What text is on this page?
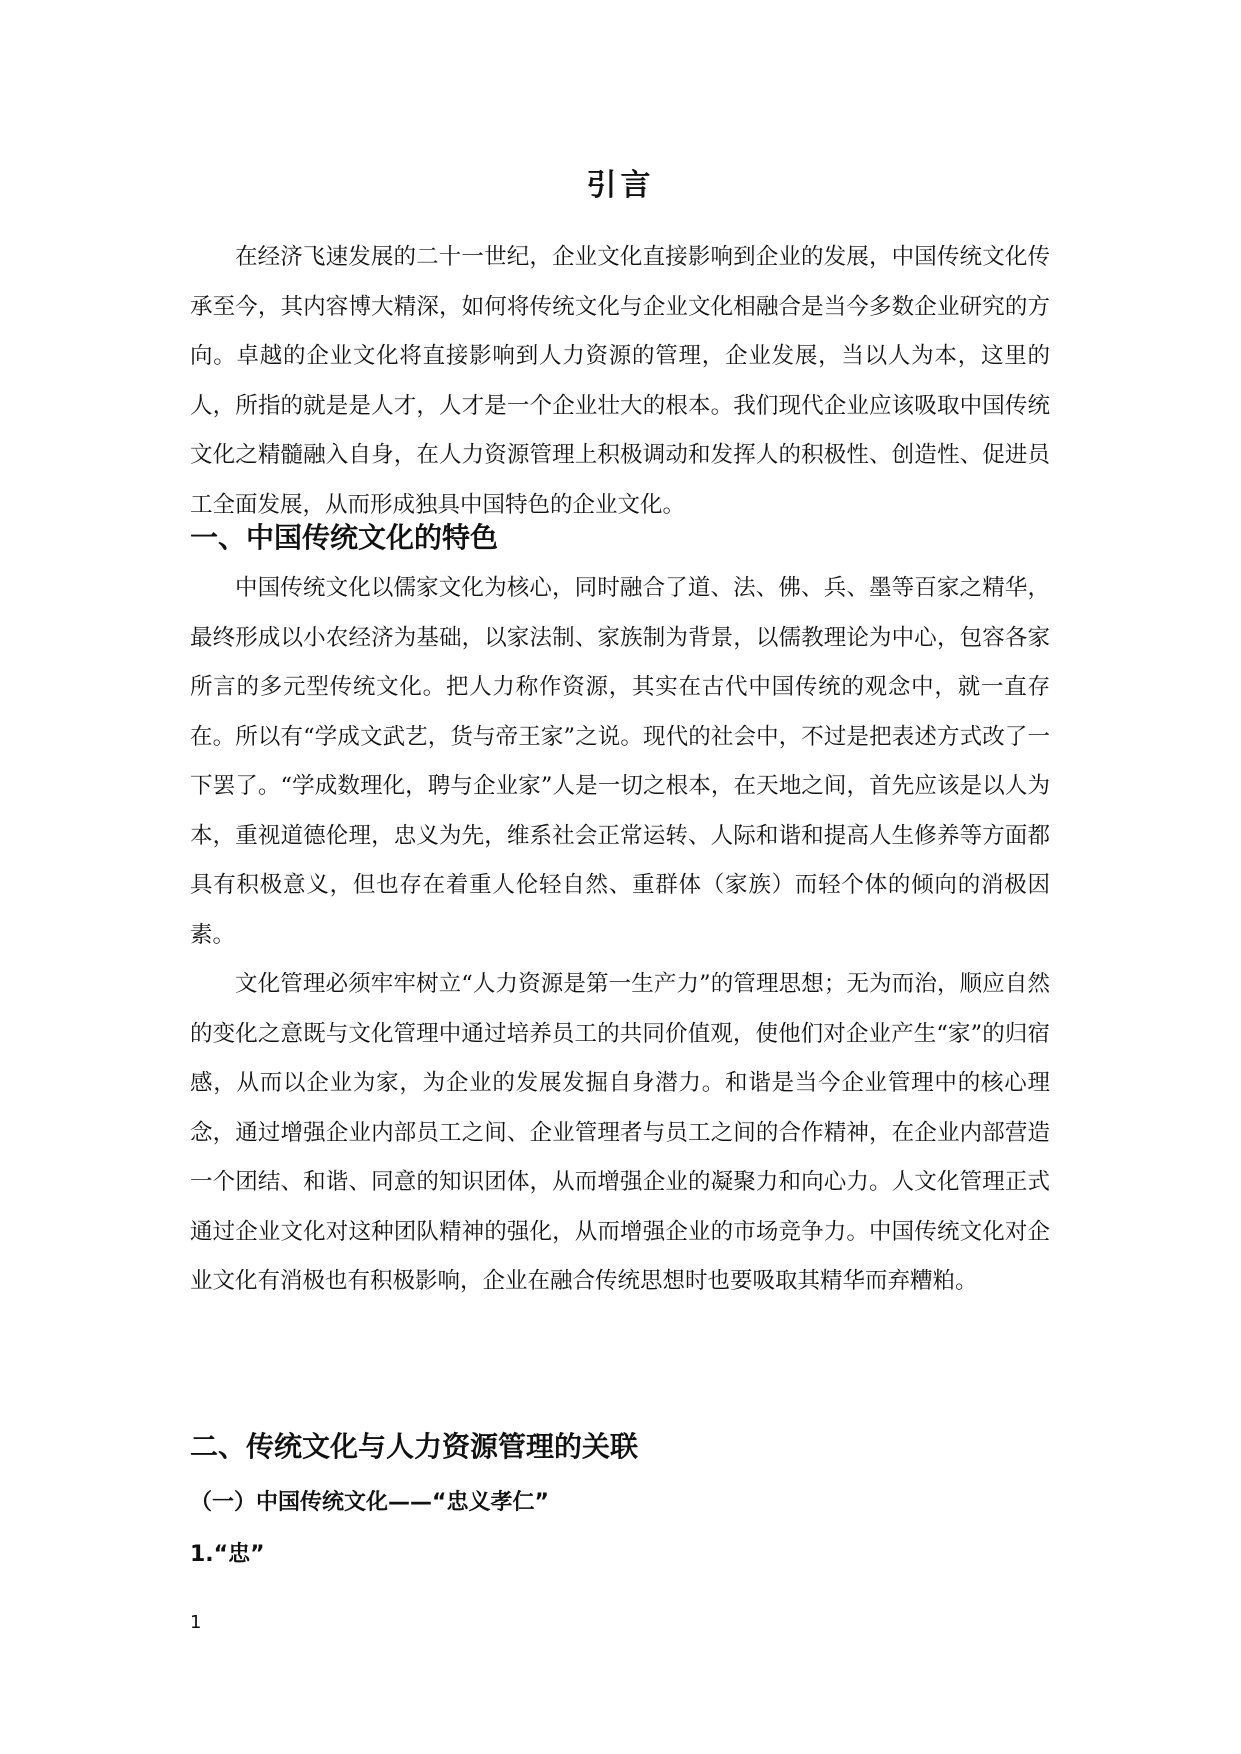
引言

在经济飞速发展的二十一世纪，企业文化直接影响到企业的发展，中国传统文化传承至今，其内容博大精深，如何将传统文化与企业文化相融合是当今多数企业研究的方向。卓越的企业文化将直接影响到人力资源的管理，企业发展，当以人为本，这里的人，所指的就是是人才，人才是一个企业壮大的根本。我们现代企业应该吸取中国传统文化之精髓融入自身，在人力资源管理上积极调动和发挥人的积极性、创造性、促进员工全面发展，从而形成独具中国特色的企业文化。

一、中国传统文化的特色

中国传统文化以儒家文化为核心，同时融合了道、法、佛、兵、墨等百家之精华，最终形成以小农经济为基础，以家法制、家族制为背景，以儒教理论为中心，包容各家所言的多元型传统文化。把人力称作资源，其实在古代中国传统的观念中，就一直存在。所以有“学成文武艺，货与帝王家”之说。现代的社会中，不过是把表述方式改了一下罢了。“学成数理化，聘与企业家”人是一切之根本，在天地之间，首先应该是以人为本，重视道德伦理，忠义为先，维系社会正常运转、人际和谐和提高人生修养等方面都具有积极意义，但也存在着重人伦轻自然、重群体（家族）而轻个体的倾向的消极因素。

文化管理必须牢牢树立“人力资源是第一生产力”的管理思想；无为而治，顺应自然的变化之意既与文化管理中通过培养员工的共同价值观，使他们对企业产生“家”的归宿感，从而以企业为家，为企业的发展发掘自身潜力。和谐是当今企业管理中的核心理念，通过增强企业内部员工之间、企业管理者与员工之间的合作精神，在企业内部营造一个团结、和谐、同意的知识团体，从而增强企业的凝聚力和向心力。人文化管理正式通过企业文化对这种团队精神的强化，从而增强企业的市场竞争力。中国传统文化对企业文化有消极也有积极影响，企业在融合传统思想时也要吸取其精华而弃糟粕。

二、传统文化与人力资源管理的关联
（一）中国传统文化——“忠义孝仁”
1.“忠”
1
